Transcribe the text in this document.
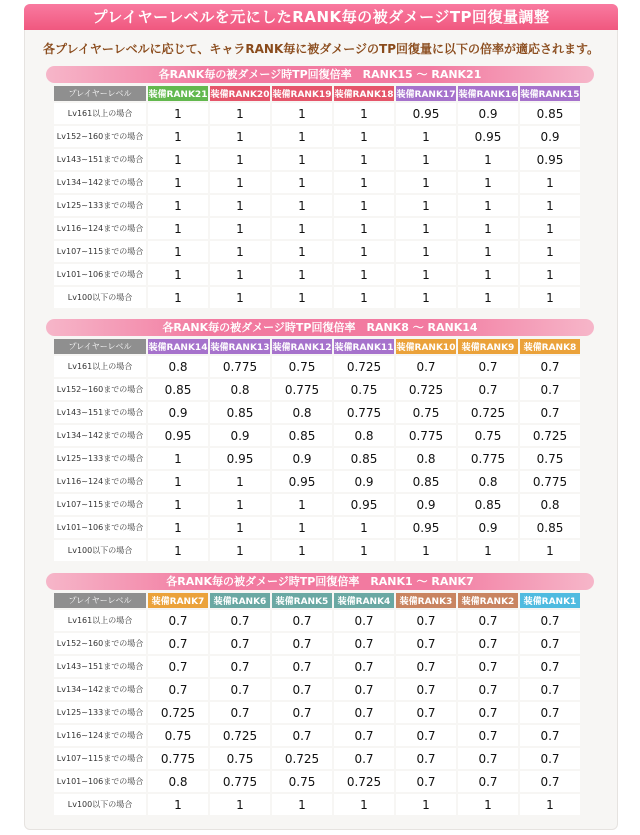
プレイヤーレベルを元にしたRANK毎の被ダメージTP回復量調整
各プレイヤーレベルに応じて、キャラRANK毎に被ダメージのTP回復量に以下の倍率が適応されます。
各RANK毎の被ダメージ時TP回復倍率　RANK15 ～ RANK21
プレイヤーレベル	装備RANK21	装備RANK20	装備RANK19	装備RANK18	装備RANK17	装備RANK16	装備RANK15
Lv161以上の場合	1	1	1	1	0.95	0.9	0.85
Lv152~160までの場合	1	1	1	1	1	0.95	0.9
Lv143~151までの場合	1	1	1	1	1	1	0.95
Lv134~142までの場合	1	1	1	1	1	1	1
Lv125~133までの場合	1	1	1	1	1	1	1
Lv116~124までの場合	1	1	1	1	1	1	1
Lv107~115までの場合	1	1	1	1	1	1	1
Lv101~106までの場合	1	1	1	1	1	1	1
Lv100以下の場合	1	1	1	1	1	1	1
各RANK毎の被ダメージ時TP回復倍率　RANK8 ～ RANK14
プレイヤーレベル	装備RANK14	装備RANK13	装備RANK12	装備RANK11	装備RANK10	装備RANK9	装備RANK8
Lv161以上の場合	0.8	0.775	0.75	0.725	0.7	0.7	0.7
Lv152~160までの場合	0.85	0.8	0.775	0.75	0.725	0.7	0.7
Lv143~151までの場合	0.9	0.85	0.8	0.775	0.75	0.725	0.7
Lv134~142までの場合	0.95	0.9	0.85	0.8	0.775	0.75	0.725
Lv125~133までの場合	1	0.95	0.9	0.85	0.8	0.775	0.75
Lv116~124までの場合	1	1	0.95	0.9	0.85	0.8	0.775
Lv107~115までの場合	1	1	1	0.95	0.9	0.85	0.8
Lv101~106までの場合	1	1	1	1	0.95	0.9	0.85
Lv100以下の場合	1	1	1	1	1	1	1
各RANK毎の被ダメージ時TP回復倍率　RANK1 ～ RANK7
プレイヤーレベル	装備RANK7	装備RANK6	装備RANK5	装備RANK4	装備RANK3	装備RANK2	装備RANK1
Lv161以上の場合	0.7	0.7	0.7	0.7	0.7	0.7	0.7
Lv152~160までの場合	0.7	0.7	0.7	0.7	0.7	0.7	0.7
Lv143~151までの場合	0.7	0.7	0.7	0.7	0.7	0.7	0.7
Lv134~142までの場合	0.7	0.7	0.7	0.7	0.7	0.7	0.7
Lv125~133までの場合	0.725	0.7	0.7	0.7	0.7	0.7	0.7
Lv116~124までの場合	0.75	0.725	0.7	0.7	0.7	0.7	0.7
Lv107~115までの場合	0.775	0.75	0.725	0.7	0.7	0.7	0.7
Lv101~106までの場合	0.8	0.775	0.75	0.725	0.7	0.7	0.7
Lv100以下の場合	1	1	1	1	1	1	1
